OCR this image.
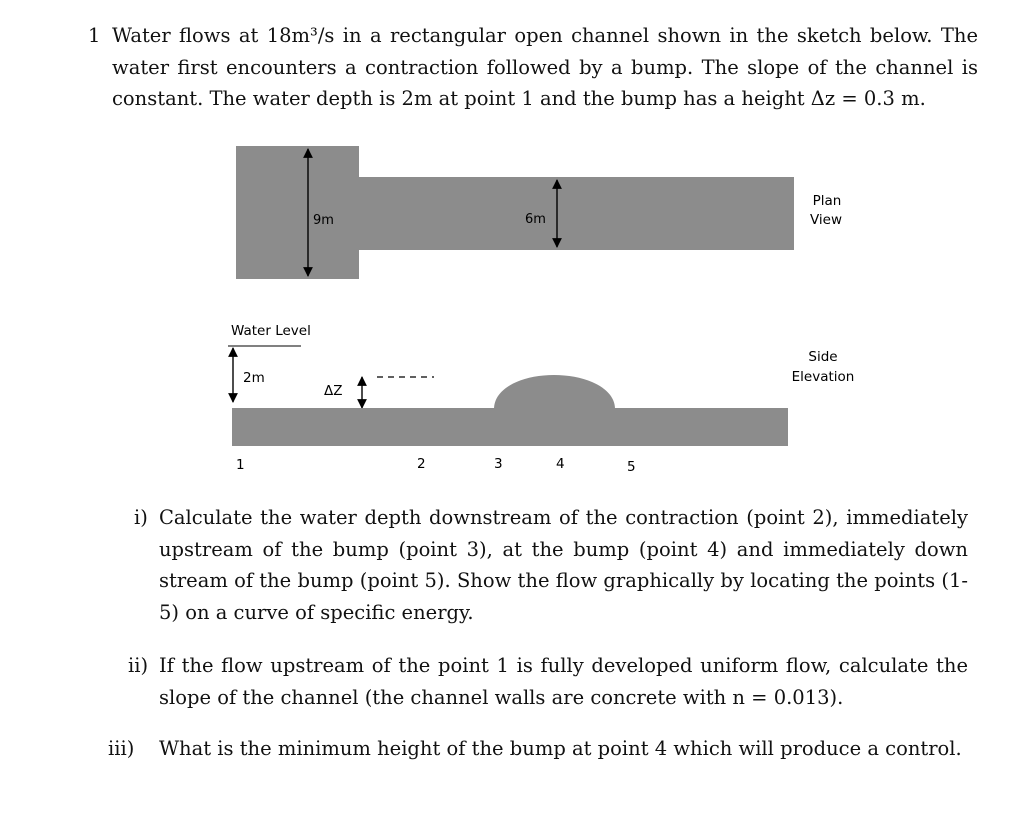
1 Water flows at 18m³/s in a rectangular open channel shown in the sketch below. The water first encounters a contraction followed by a bump. The slope of the channel is constant. The water depth is 2m at point 1 and the bump has a height Δz = 0.3 m.
9m	6m
Plan
View
Water Level
2m
ΔZ
Side
Elevation
1	2	3	4	5
i) Calculate the water depth downstream of the contraction (point 2), immediately upstream of the bump (point 3), at the bump (point 4) and immediately down stream of the bump (point 5). Show the flow graphically by locating the points (1-5) on a curve of specific energy.
ii) If the flow upstream of the point 1 is fully developed uniform flow, calculate the slope of the channel (the channel walls are concrete with n = 0.013).
iii) What is the minimum height of the bump at point 4 which will produce a control.
